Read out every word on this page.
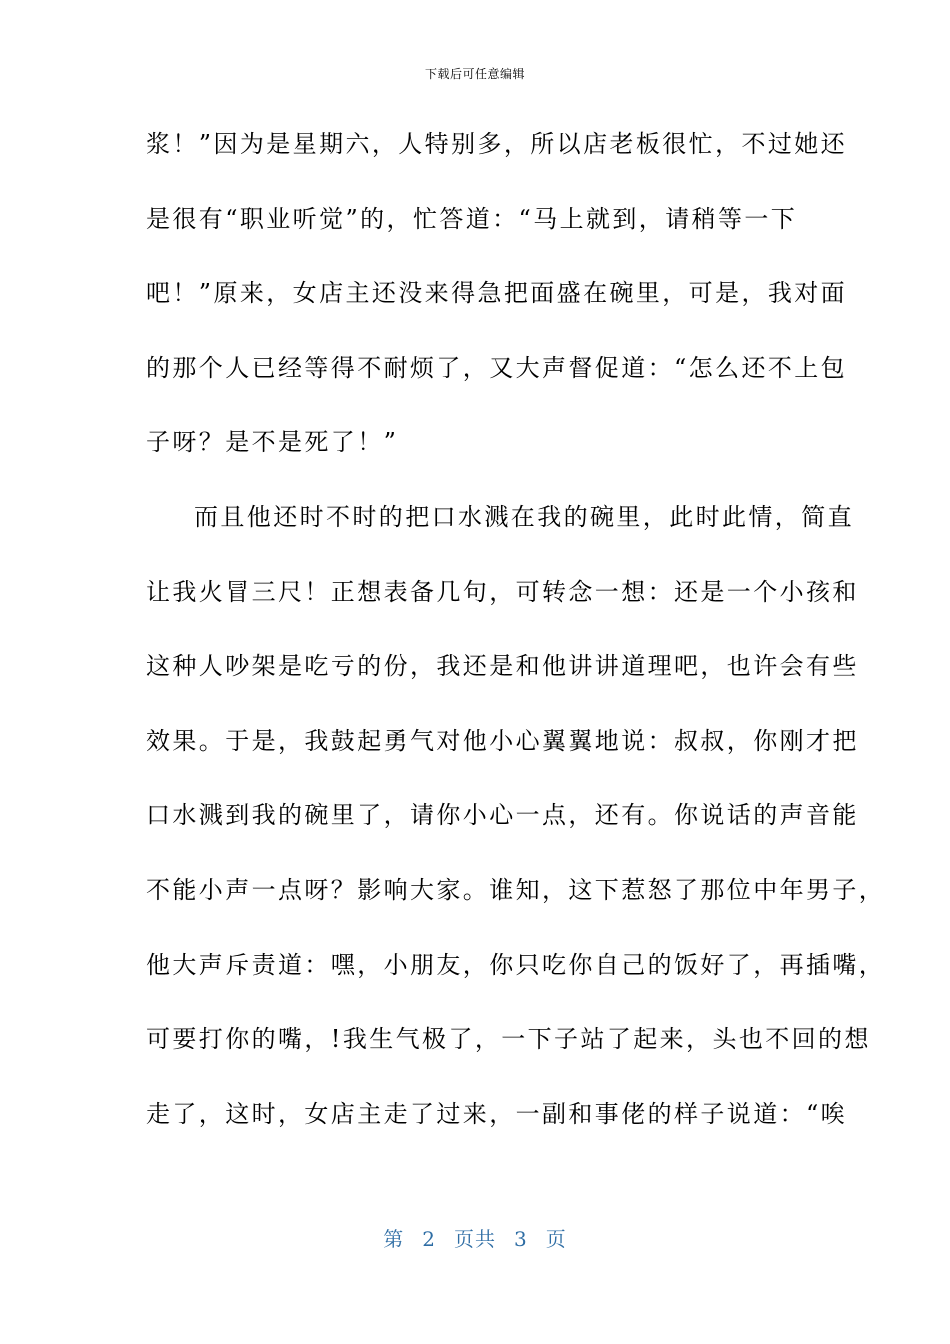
下载后可任意编辑
浆！”因为是星期六，人特别多，所以店老板很忙，不过她还
是很有“职业听觉”的，忙答道：“马上就到，请稍等一下
吧！”原来，女店主还没来得急把面盛在碗里，可是，我对面
的那个人已经等得不耐烦了，又大声督促道：“怎么还不上包
子呀？是不是死了！”
而且他还时不时的把口水溅在我的碗里，此时此情，简直
让我火冒三尺！正想表备几句，可转念一想：还是一个小孩和
这种人吵架是吃亏的份，我还是和他讲讲道理吧，也许会有些
效果。于是，我鼓起勇气对他小心翼翼地说：叔叔，你刚才把
口水溅到我的碗里了，请你小心一点，还有。你说话的声音能
不能小声一点呀？影响大家。谁知，这下惹怒了那位中年男子，
他大声斥责道：嘿，小朋友，你只吃你自己的饭好了，再插嘴，
可要打你的嘴，!我生气极了，一下子站了起来，头也不回的想
走了，这时，女店主走了过来，一副和事佬的样子说道：“唉
第 2 页共 3 页
